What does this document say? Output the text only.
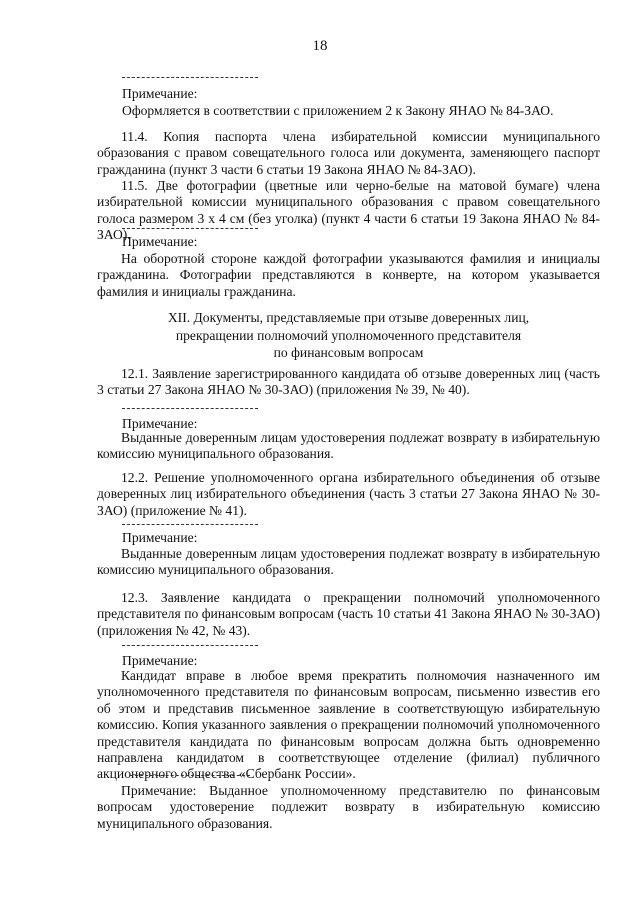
18
Примечание:
Оформляется в соответствии с приложением 2 к Закону ЯНАО № 84-ЗАО.
11.4. Копия паспорта члена избирательной комиссии муниципального образования с правом совещательного голоса или документа, заменяющего паспорт гражданина (пункт 3 части 6 статьи 19 Закона ЯНАО № 84-ЗАО).
11.5. Две фотографии (цветные или черно-белые на матовой бумаге) члена избирательной комиссии муниципального образования с правом совещательного голоса размером 3 x 4 см (без уголка) (пункт 4 части 6 статьи 19 Закона ЯНАО № 84-ЗАО).
Примечание:
На оборотной стороне каждой фотографии указываются фамилия и инициалы гражданина. Фотографии представляются в конверте, на котором указывается фамилия и инициалы гражданина.
XII. Документы, представляемые при отзыве доверенных лиц,
прекращении полномочий уполномоченного представителя
по финансовым вопросам
12.1. Заявление зарегистрированного кандидата об отзыве доверенных лиц (часть 3 статьи 27 Закона ЯНАО № 30-ЗАО) (приложения № 39, № 40).
Примечание:
Выданные доверенным лицам удостоверения подлежат возврату в избирательную комиссию муниципального образования.
12.2. Решение уполномоченного органа избирательного объединения об отзыве доверенных лиц избирательного объединения (часть 3 статьи 27 Закона ЯНАО № 30-ЗАО) (приложение № 41).
Примечание:
Выданные доверенным лицам удостоверения подлежат возврату в избирательную комиссию муниципального образования.
12.3. Заявление кандидата о прекращении полномочий уполномоченного представителя по финансовым вопросам (часть 10 статьи 41 Закона ЯНАО № 30-ЗАО) (приложения № 42, № 43).
Примечание:
Кандидат вправе в любое время прекратить полномочия назначенного им уполномоченного представителя по финансовым вопросам, письменно известив его об этом и представив письменное заявление в соответствующую избирательную комиссию. Копия указанного заявления о прекращении полномочий уполномоченного представителя кандидата по финансовым вопросам должна быть одновременно направлена кандидатом в соответствующее отделение (филиал) публичного акционерного общества «Сбербанк России».
Примечание: Выданное уполномоченному представителю по финансовым вопросам удостоверение подлежит возврату в избирательную комиссию муниципального образования.
